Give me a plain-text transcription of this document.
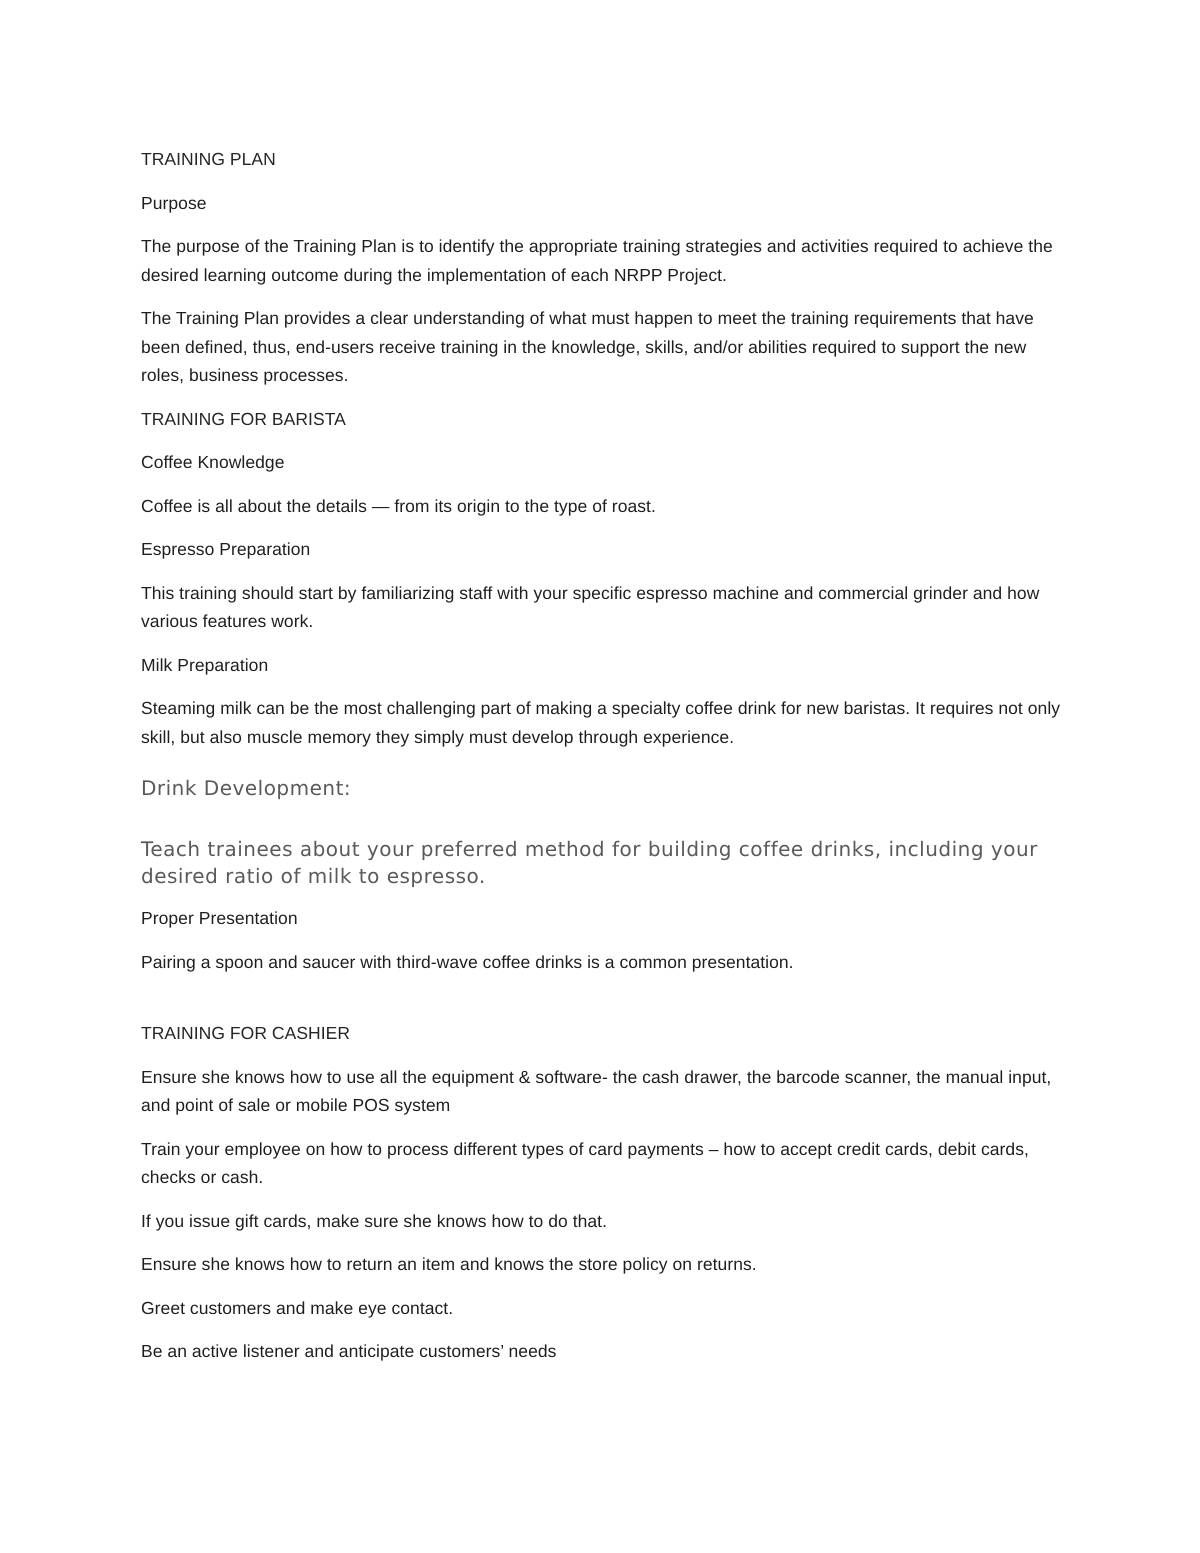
TRAINING PLAN

Purpose

The purpose of the Training Plan is to identify the appropriate training strategies and activities required to achieve the desired learning outcome during the implementation of each NRPP Project.

The Training Plan provides a clear understanding of what must happen to meet the training requirements that have been defined, thus, end-users receive training in the knowledge, skills, and/or abilities required to support the new roles, business processes.

TRAINING FOR BARISTA

Coffee Knowledge

Coffee is all about the details — from its origin to the type of roast.

Espresso Preparation

This training should start by familiarizing staff with your specific espresso machine and commercial grinder and how various features work.

Milk Preparation

Steaming milk can be the most challenging part of making a specialty coffee drink for new baristas. It requires not only skill, but also muscle memory they simply must develop through experience.

Drink Development:

Teach trainees about your preferred method for building coffee drinks, including your desired ratio of milk to espresso.

Proper Presentation

Pairing a spoon and saucer with third-wave coffee drinks is a common presentation.

TRAINING FOR CASHIER

Ensure she knows how to use all the equipment & software- the cash drawer, the barcode scanner, the manual input, and point of sale or mobile POS system

Train your employee on how to process different types of card payments – how to accept credit cards, debit cards, checks or cash.

If you issue gift cards, make sure she knows how to do that.

Ensure she knows how to return an item and knows the store policy on returns.

Greet customers and make eye contact.

Be an active listener and anticipate customers’ needs
